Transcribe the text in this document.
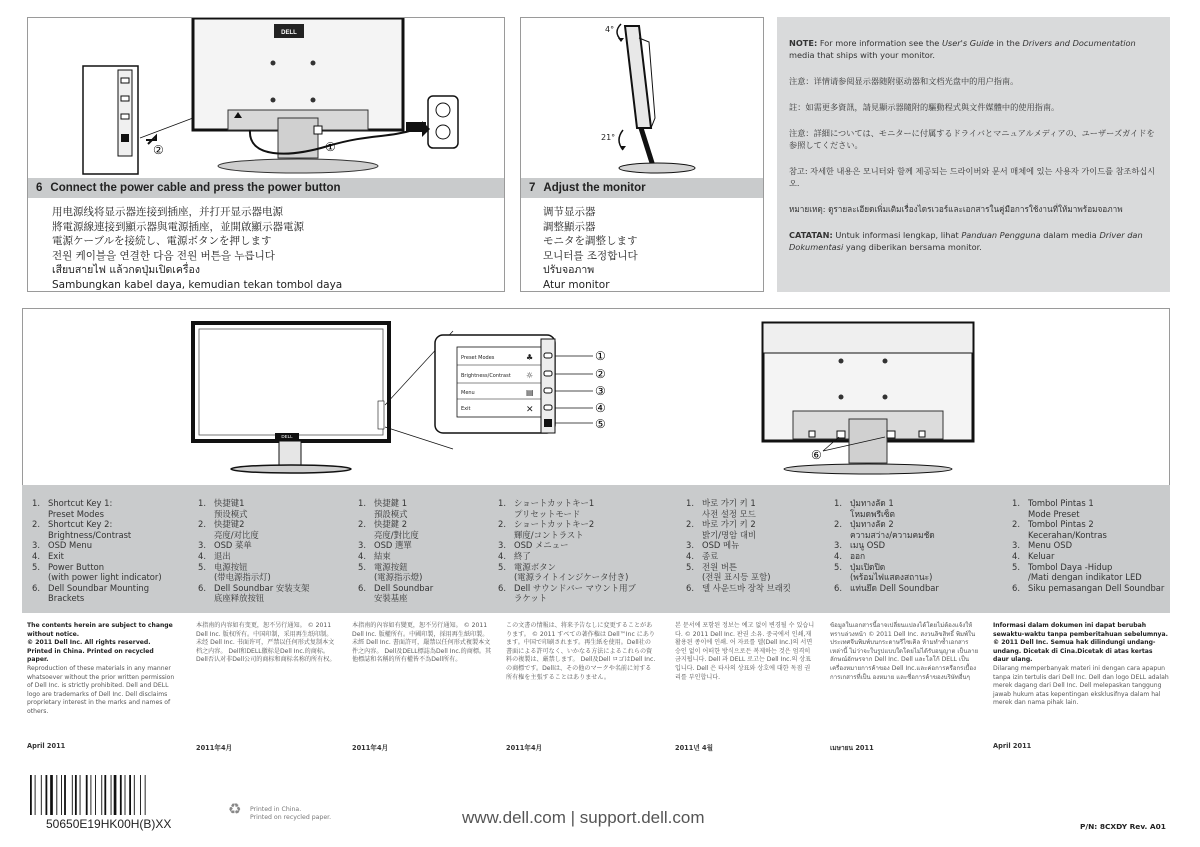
DELL
②	①
6 Connect the power cable and press the power button
用电源线将显示器连接到插座，并打开显示器电源
將電源線連接到顯示器與電源插座，並開啟顯示器電源
電源ケーブルを接続し、電源ボタンを押します
전원 케이블을 연결한 다음 전원 버튼을 누릅니다
เสียบสายไฟ แล้วกดปุ่มเปิดเครื่อง
Sambungkan kabel daya, kemudian tekan tombol daya
4°
21°
7 Adjust the monitor
调节显示器
調整顯示器
モニタを調整します
모니터를 조정합니다
ปรับจอภาพ
Atur monitor

NOTE: For more information see the User's Guide in the Drivers and Documentation media that ships with your monitor.

注意：详情请参阅显示器随附驱动器和文档光盘中的用户指南。

註：如需更多資訊，請見顯示器隨附的驅動程式與文件媒體中的使用指南。

注意：詳細については、モニターに付属するドライバとマニュアルメディアの、ユーザーズガイドを参照してください。

참고: 자세한 내용은 모니터와 함께 제공되는 드라이버와 문서 매체에 있는 사용자 가이드를 참조하십시오.

หมายเหตุ: ดูรายละเอียดเพิ่มเติมเรื่องไดรเวอร์และเอกสารในคู่มือการใช้งานที่ให้มาพร้อมจอภาพ

CATATAN: Untuk informasi lengkap, lihat Panduan Pengguna dalam media Driver dan Dokumentasi yang diberikan bersama monitor.

DELL
Preset Modes
Brightness/Contrast
Menu
Exit
♣
☼
▤
✕
①
②
③
④
⑤
⑥
1. Shortcut Key 1:
Preset Modes
2. Shortcut Key 2:
Brightness/Contrast
3. OSD Menu
4. Exit
5. Power Button
(with power light indicator)
6. Dell Soundbar Mounting
Brackets
1. 快捷键1
预设模式
2. 快捷键2
亮度/对比度
3. OSD 菜单
4. 退出
5. 电源按钮
(带电源指示灯)
6. Dell Soundbar 安装支架
底座释放按钮
1. 快捷鍵 1
預設模式
2. 快捷鍵 2
亮度/對比度
3. OSD 選單
4. 結束
5. 電源按鈕
(電源指示燈)
6. Dell Soundbar
安裝基座
1. ショートカットキー1
プリセットモード
2. ショートカットキー2
輝度/コントラスト
3. OSD メニュー
4. 終了
5. 電源ボタン
(電源ライトインジケータ付き)
6. Dell サウンドバー マウント用ブ
ラケット
1. 바로 가기 키 1
사전 설정 모드
2. 바로 가기 키 2
밝기/명암 대비
3. OSD 메뉴
4. 종료
5. 전원 버튼
(전원 표시등 포함)
6. 델 사운드바 장착 브래킷
1. ปุ่มทางลัด 1
โหมดพรีเซ็ต
2. ปุ่มทางลัด 2
ความสว่าง/ความคมชัด
3. เมนู OSD
4. ออก
5. ปุ่มเปิดปิด
(พร้อมไฟแสดงสถานะ)
6. แท่นยึด Dell Soundbar
1. Tombol Pintas 1
Mode Preset
2. Tombol Pintas 2
Kecerahan/Kontras
3. Menu OSD
4. Keluar
5. Tombol Daya -Hidup
/Mati dengan indikator LED
6. Siku pemasangan Dell Soundbar
The contents herein are subject to change without notice.
© 2011 Dell Inc. All rights reserved. Printed in China. Printed on recycled paper.
Reproduction of these materials in any manner whatsoever without the prior written permission of Dell Inc. is strictly prohibited. Dell and DELL logo are trademarks of Dell Inc. Dell disclaims proprietary interest in the marks and names of others.
本指南的内容如有变更，恕不另行通知。 © 2011 Dell Inc. 版权所有。中国印制，采用再生纸印制。未经 Dell Inc. 书面许可，严禁以任何形式复制本文档之内容。 Dell和DELL徽标是Dell Inc.的商标。Dell否认对非Dell公司的商标和商标名称的所有权。
本指南的內容如有變更，恕不另行通知。 © 2011 Dell Inc. 版權所有。中國印製，採用再生紙印製。未經 Dell Inc. 書面許可，嚴禁以任何形式複製本文件之內容。 Dell及DELL標誌為Dell Inc.的商標。其他標誌和名稱的所有權皆不為Dell所有。
この文書の情報は、将来予告なしに変更することがあります。 © 2011 すべての著作権は Dell™Inc にあります。中国で印刷されます。再生紙を使用。Dell社の書面による許可なく、いかなる方法によるこれらの資料の複製は、厳禁します。 Dell及Dell ロゴはDell Inc.の商標です。Dellは、その他のマークや名前に対する所有権を主張することはありません。
본 문서에 포함된 정보는 예고 없이 변경될 수 있습니다. © 2011 Dell Inc. 판권 소유. 중국에서 인쇄,재활용된 종이에 인쇄. 어 자료를 델(Dell Inc.)의 서면 승인 없이 어떠한 방식으로든 복제하는 것은 엄격히 금지됩니다. Dell 과 DELL 로고는 Dell Inc.의 상표입니다. Dell 은 타사의 상표와 상호에 대한 독점 권리를 부인합니다.
ข้อมูลในเอกสารนี้อาจเปลี่ยนแปลงได้โดยไม่ต้องแจ้งให้ทราบล่วงหน้า © 2011 Dell Inc. สงวนลิขสิทธิ์ พิมพ์ในประเทศจีนพิมพ์บนกระดาษรีไซเคิล ห้ามทำซ้ำเอกสารเหล่านี้ ไม่ว่าจะในรูปแบบใดโดยไม่ได้รับอนุญาต เป็นลายลักษณ์อักษรจาก Dell Inc. Dell และโลโก้ DELL เป็นเครื่องหมายการค้าของ Dell Inc.และค่อการครือกรเบื้องการเกสารที่เป็น องหมาย และชื่อการค้าของบริษัทอื่นๆ
Informasi dalam dokumen ini dapat berubah sewaktu-waktu tanpa pemberitahuan sebelumnya. © 2011 Dell Inc. Semua hak dilindungi undang-undang. Dicetak di Cina.Dicetak di atas kertas daur ulang.
Dilarang memperbanyak materi ini dengan cara apapun tanpa izin tertulis dari Dell Inc. Dell dan logo DELL adalah merek dagang dari Dell Inc. Dell melepaskan tanggung jawab hukum atas kepentingan eksklusifnya dalam hal merek dan nama pihak lain.
April 2011	2011年4月	2011年4月	2011年4月	2011년 4월	เมษายน 2011	April 2011
50650E19HK00H(B)XX
♻ Printed in China.
Printed on recycled paper.	www.dell.com | support.dell.com	P/N: 8CXDY Rev. A01
